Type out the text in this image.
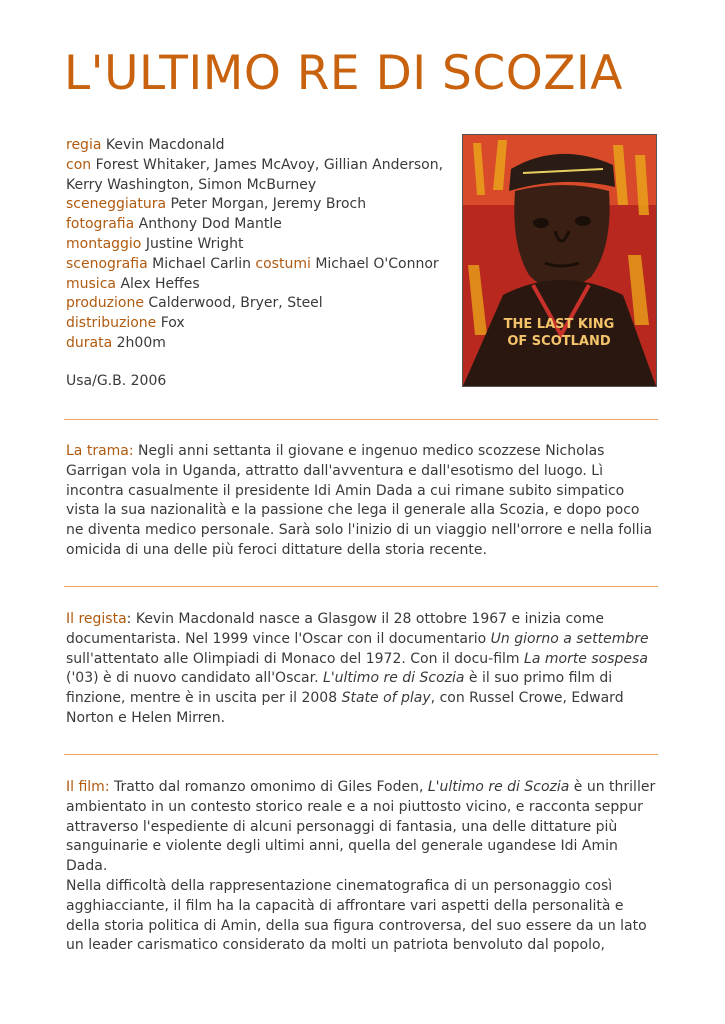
L'ULTIMO RE DI SCOZIA
regia Kevin Macdonald
con Forest Whitaker, James McAvoy, Gillian Anderson,
Kerry Washington, Simon McBurney
sceneggiatura Peter Morgan, Jeremy Broch
fotografia Anthony Dod Mantle
montaggio Justine Wright
scenografia Michael Carlin costumi Michael O'Connor
musica Alex Heffes
produzione Calderwood, Bryer, Steel
distribuzione Fox
durata 2h00m
Usa/G.B. 2006
THE LAST KING
OF SCOTLAND

La trama: Negli anni settanta il giovane e ingenuo medico scozzese Nicholas Garrigan vola in Uganda, attratto dall'avventura e dall'esotismo del luogo. Lì incontra casualmente il presidente Idi Amin Dada a cui rimane subito simpatico vista la sua nazionalità e la passione che lega il generale alla Scozia, e dopo poco ne diventa medico personale. Sarà solo l'inizio di un viaggio nell'orrore e nella follia omicida di una delle più feroci dittature della storia recente.

Il regista: Kevin Macdonald nasce a Glasgow il 28 ottobre 1967 e inizia come documentarista. Nel 1999 vince l'Oscar con il documentario Un giorno a settembre sull'attentato alle Olimpiadi di Monaco del 1972. Con il docu-film La morte sospesa ('03) è di nuovo candidato all'Oscar. L'ultimo re di Scozia è il suo primo film di finzione, mentre è in uscita per il 2008 State of play, con Russel Crowe, Edward Norton e Helen Mirren.

Il film: Tratto dal romanzo omonimo di Giles Foden, L'ultimo re di Scozia è un thriller ambientato in un contesto storico reale e a noi piuttosto vicino, e racconta seppur attraverso l'espediente di alcuni personaggi di fantasia, una delle dittature più sanguinarie e violente degli ultimi anni, quella del generale ugandese Idi Amin Dada.
Nella difficoltà della rappresentazione cinematografica di un personaggio così agghiacciante, il film ha la capacità di affrontare vari aspetti della personalità e della storia politica di Amin, della sua figura controversa, del suo essere da un lato un leader carismatico considerato da molti un patriota benvoluto dal popolo,
